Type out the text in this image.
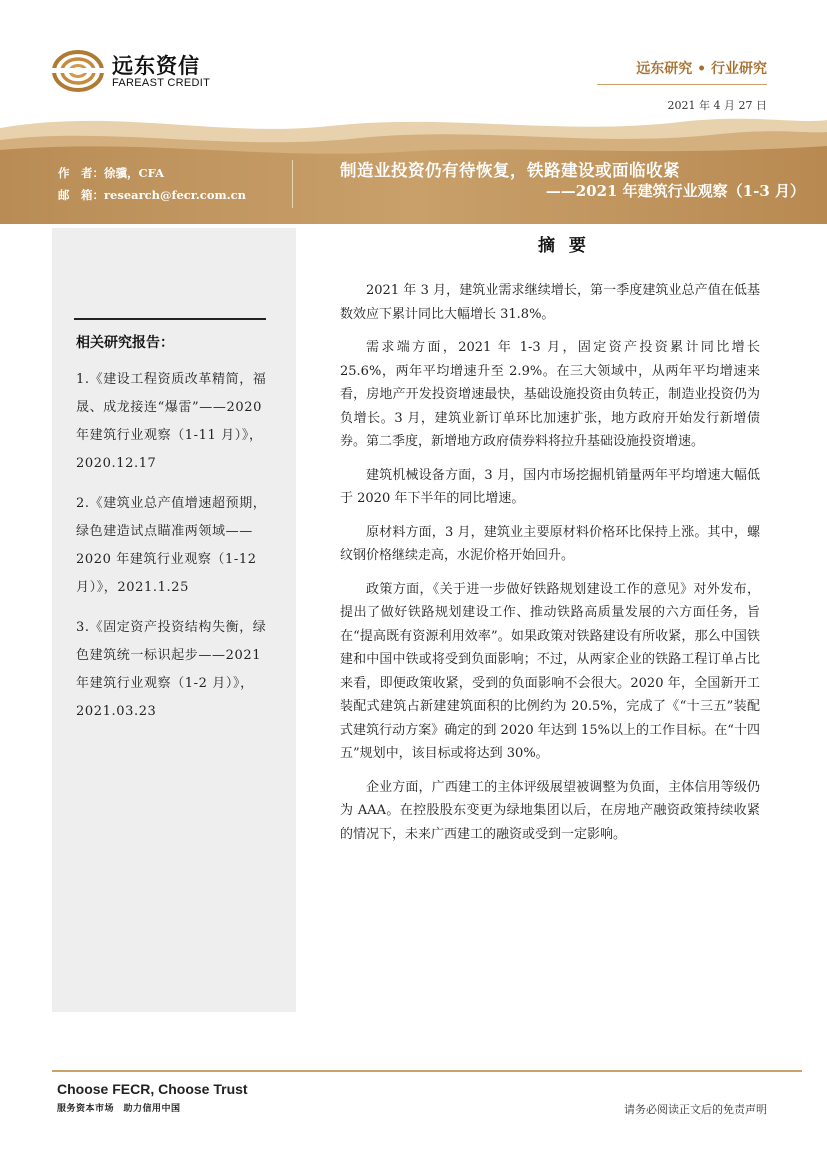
远东资信
FAREAST CREDIT
远东研究 • 行业研究
2021 年 4 月 27 日
作　者：徐骥，CFA
邮　箱：research@fecr.com.cn
制造业投资仍有待恢复，铁路建设或面临收紧
——2021 年建筑行业观察（1-3 月）
相关研究报告：
1.《建设工程资质改革精简，福晟、成龙接连“爆雷”——2020 年建筑行业观察（1-11 月）》，2020.12.17
2.《建筑业总产值增速超预期，绿色建造试点瞄准两领域——2020 年建筑行业观察（1-12 月）》，2021.1.25
3.《固定资产投资结构失衡，绿色建筑统一标识起步——2021 年建筑行业观察（1-2 月）》，2021.03.23
摘 要

2021 年 3 月，建筑业需求继续增长，第一季度建筑业总产值在低基数效应下累计同比大幅增长 31.8%。

需求端方面，2021 年 1-3 月，固定资产投资累计同比增长 25.6%，两年平均增速升至 2.9%。在三大领域中，从两年平均增速来看，房地产开发投资增速最快，基础设施投资由负转正，制造业投资仍为负增长。3 月，建筑业新订单环比加速扩张，地方政府开始发行新增债券。第二季度，新增地方政府债券料将拉升基础设施投资增速。

建筑机械设备方面，3 月，国内市场挖掘机销量两年平均增速大幅低于 2020 年下半年的同比增速。

原材料方面，3 月，建筑业主要原材料价格环比保持上涨。其中，螺纹钢价格继续走高，水泥价格开始回升。

政策方面，《关于进一步做好铁路规划建设工作的意见》对外发布，提出了做好铁路规划建设工作、推动铁路高质量发展的六方面任务，旨在“提高既有资源利用效率”。如果政策对铁路建设有所收紧，那么中国铁建和中国中铁或将受到负面影响；不过，从两家企业的铁路工程订单占比来看，即便政策收紧，受到的负面影响不会很大。2020 年，全国新开工装配式建筑占新建建筑面积的比例约为 20.5%，完成了《“十三五”装配式建筑行动方案》确定的到 2020 年达到 15%以上的工作目标。在“十四五”规划中，该目标或将达到 30%。

企业方面，广西建工的主体评级展望被调整为负面，主体信用等级仍为 AAA。在控股股东变更为绿地集团以后，在房地产融资政策持续收紧的情况下，未来广西建工的融资或受到一定影响。

Choose FECR, Choose Trust
服务资本市场　助力信用中国	请务必阅读正文后的免责声明
